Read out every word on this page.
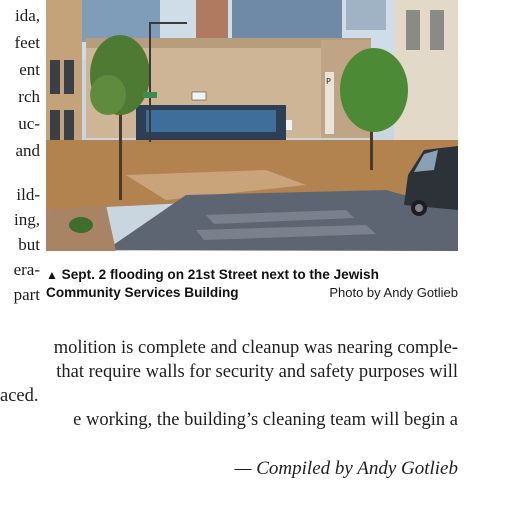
ida,
feet
ent
rch
uc-
and
ild-
ing,
but
era-
part
P
▲ Sept. 2 flooding on 21st Street next to the Jewish
Community Services Building	Photo by Andy Gotlieb
molition is complete and cleanup was nearing comple-
that require walls for security and safety purposes will
aced.
e working, the building’s cleaning team will begin a
— Compiled by Andy Gotlieb
